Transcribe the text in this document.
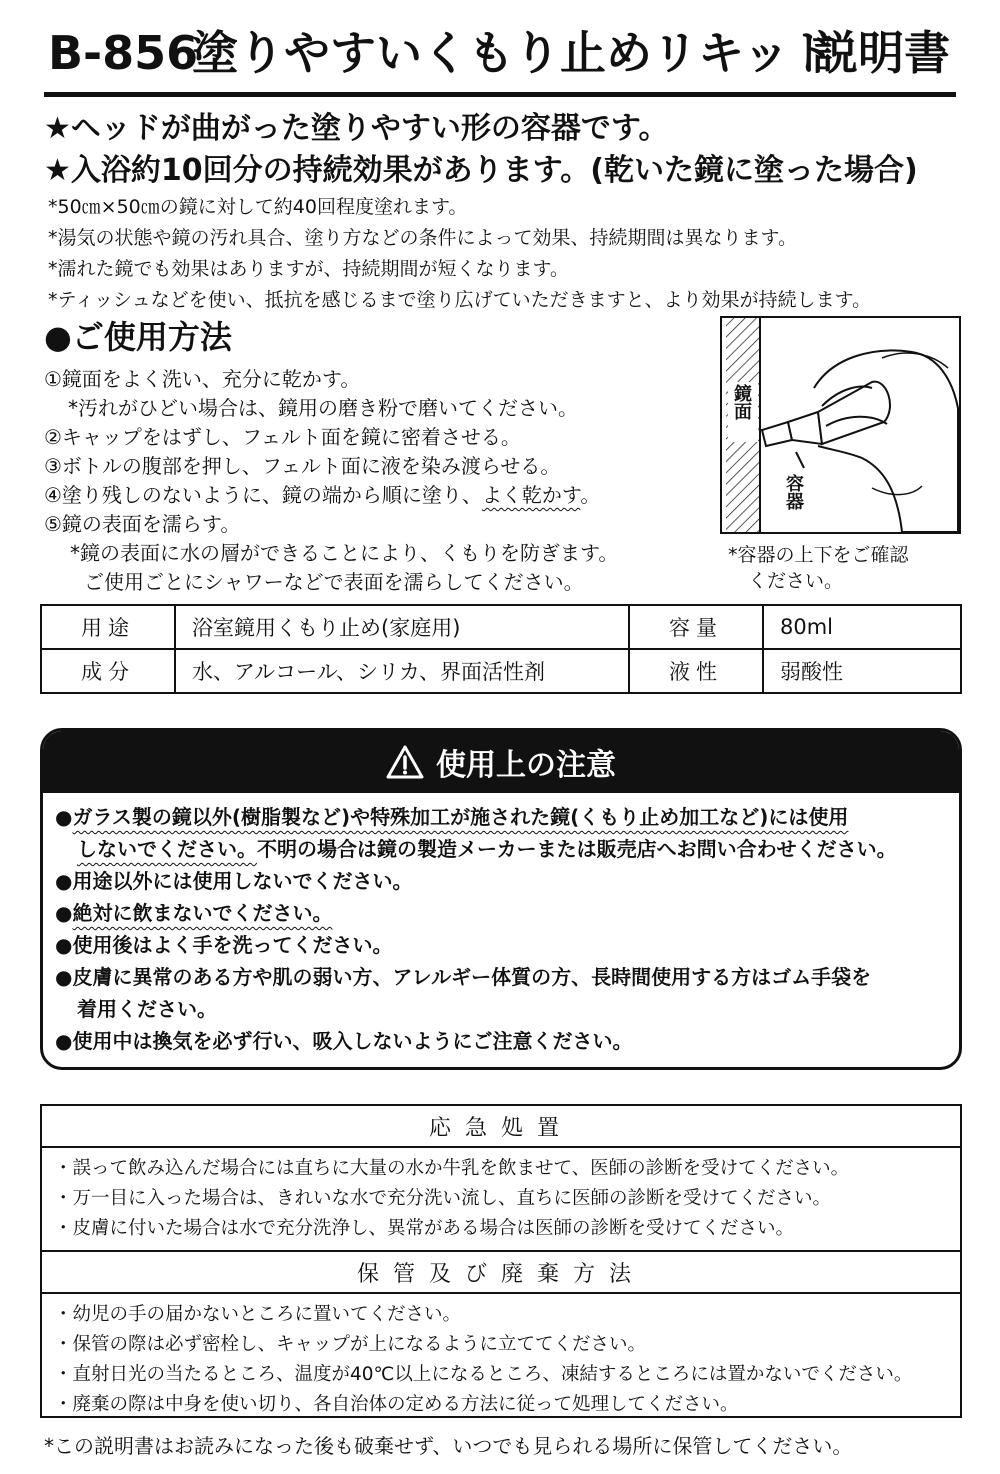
B-856
塗りやすいくもり止めリキッド
説明書
★ヘッドが曲がった塗りやすい形の容器です。
★入浴約10回分の持続効果があります。(乾いた鏡に塗った場合)
*50㎝×50㎝の鏡に対して約40回程度塗れます。
*湯気の状態や鏡の汚れ具合、塗り方などの条件によって効果、持続期間は異なります。
*濡れた鏡でも効果はありますが、持続期間が短くなります。
*ティッシュなどを使い、抵抗を感じるまで塗り広げていただきますと、より効果が持続します。
●ご使用方法
①鏡面をよく洗い、充分に乾かす。
*汚れがひどい場合は、鏡用の磨き粉で磨いてください。
②キャップをはずし、フェルト面を鏡に密着させる。
③ボトルの腹部を押し、フェルト面に液を染み渡らせる。
④塗り残しのないように、鏡の端から順に塗り、よく乾かす。
⑤鏡の表面を濡らす。
*鏡の表面に水の層ができることにより、くもりを防ぎます。
ご使用ごとにシャワーなどで表面を濡らしてください。
鏡面
容器
*容器の上下をご確認
ください。
用途	浴室鏡用くもり止め(家庭用)	容量	80ml
成分	水、アルコール、シリカ、界面活性剤	液性	弱酸性
使用上の注意
●ガラス製の鏡以外(樹脂製など)や特殊加工が施された鏡(くもり止め加工など)には使用
しないでください。不明の場合は鏡の製造メーカーまたは販売店へお問い合わせください。
●用途以外には使用しないでください。
●絶対に飲まないでください。
●使用後はよく手を洗ってください。
●皮膚に異常のある方や肌の弱い方、アレルギー体質の方、長時間使用する方はゴム手袋を
着用ください。
●使用中は換気を必ず行い、吸入しないようにご注意ください。
応急処置
・誤って飲み込んだ場合には直ちに大量の水か牛乳を飲ませて、医師の診断を受けてください。
・万一目に入った場合は、きれいな水で充分洗い流し、直ちに医師の診断を受けてください。
・皮膚に付いた場合は水で充分洗浄し、異常がある場合は医師の診断を受けてください。
保管及び廃棄方法
・幼児の手の届かないところに置いてください。
・保管の際は必ず密栓し、キャップが上になるように立ててください。
・直射日光の当たるところ、温度が40℃以上になるところ、凍結するところには置かないでください。
・廃棄の際は中身を使い切り、各自治体の定める方法に従って処理してください。
*この説明書はお読みになった後も破棄せず、いつでも見られる場所に保管してください。
